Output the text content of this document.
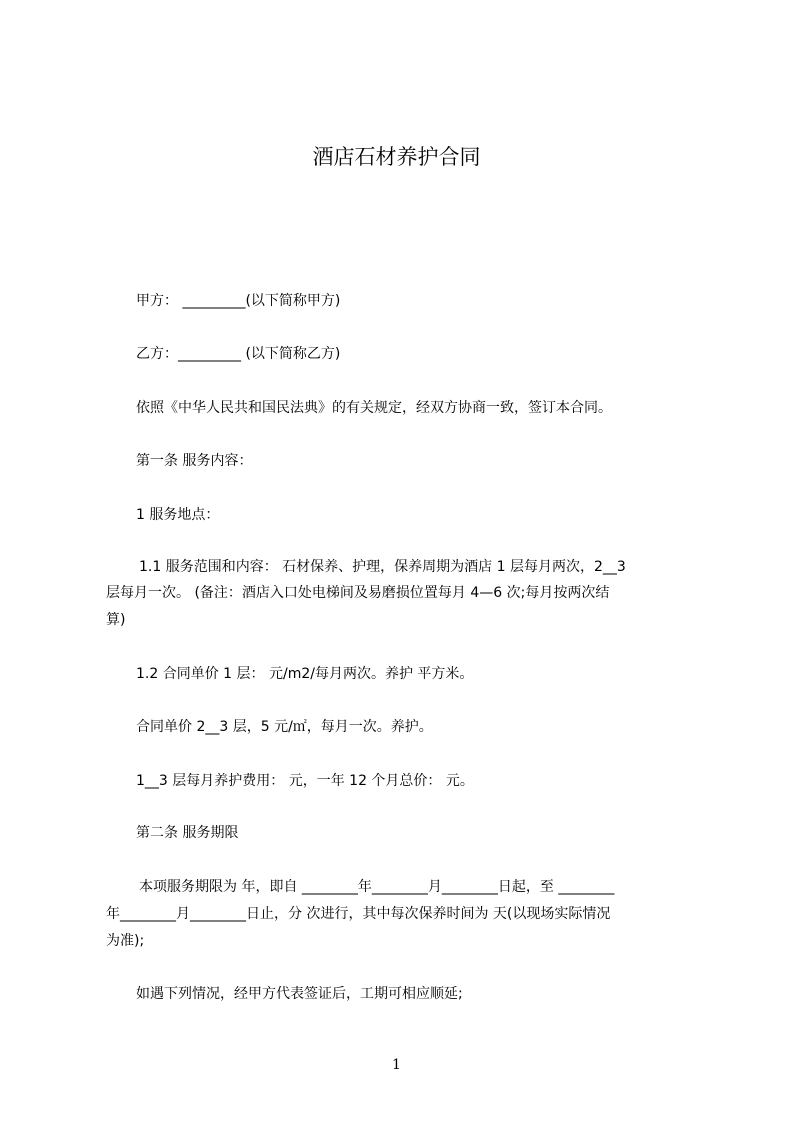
酒店石材养护合同
甲方： _________(以下简称甲方)
乙方：_________ (以下简称乙方)
依照《中华人民共和国民法典》的有关规定，经双方协商一致，签订本合同。
第一条 服务内容：
1 服务地点：
1.1 服务范围和内容： 石材保养、护理，保养周期为酒店 1 层每月两次，2__3
层每月一次。 (备注：酒店入口处电梯间及易磨损位置每月 4—6 次;每月按两次结
算)
1.2 合同单价 1 层： 元/m2/每月两次。养护 平方米。
合同单价 2__3 层，5 元/㎡，每月一次。养护。
1__3 层每月养护费用： 元，一年 12 个月总价： 元。
第二条 服务期限
本项服务期限为 年，即自 ________年________月________日起，至 ________
年________月________日止，分 次进行，其中每次保养时间为 天(以现场实际情况
为准);
如遇下列情况，经甲方代表签证后，工期可相应顺延;
1
